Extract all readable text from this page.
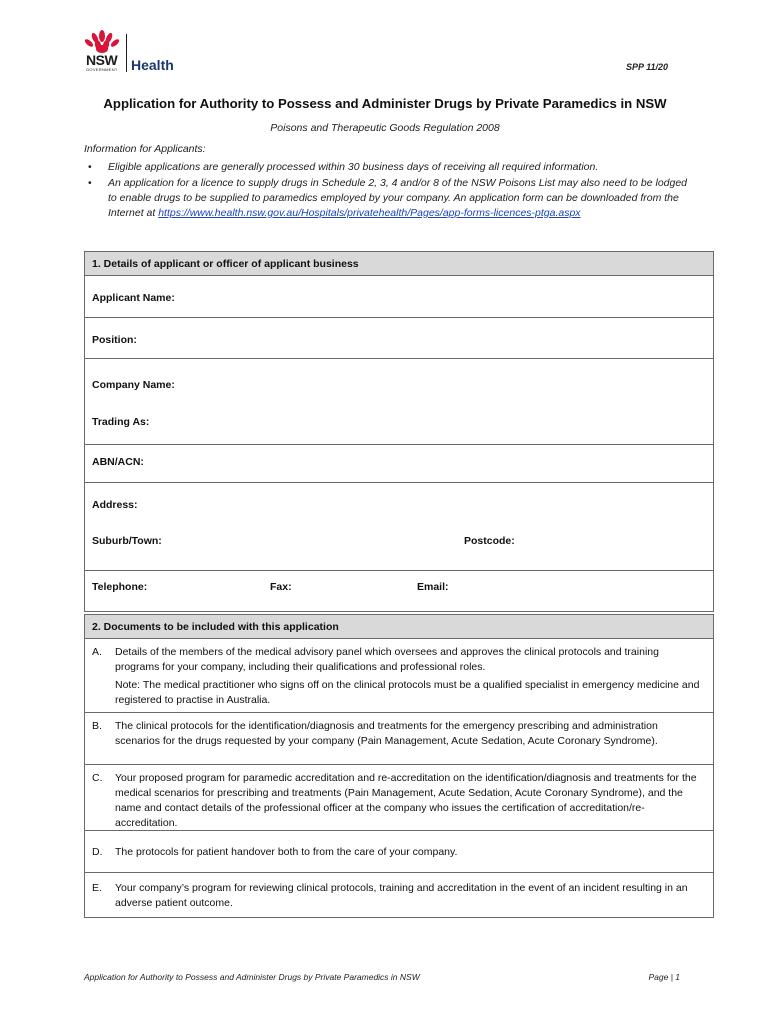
NSW
GOVERNMENT Health	SPP 11/20
Application for Authority to Possess and Administer Drugs by Private Paramedics in NSW
Poisons and Therapeutic Goods Regulation 2008
Information for Applicants:
• Eligible applications are generally processed within 30 business days of receiving all required information.
• An application for a licence to supply drugs in Schedule 2, 3, 4 and/or 8 of the NSW Poisons List may also need to be lodged to enable drugs to be supplied to paramedics employed by your company. An application form can be downloaded from the Internet at https://www.health.nsw.gov.au/Hospitals/privatehealth/Pages/app-forms-licences-ptga.aspx
1. Details of applicant or officer of applicant business
Applicant Name:
Position:
Company Name:
Trading As:
ABN/ACN:
Address:
Suburb/Town:	Postcode:
Telephone:	Fax:	Email:
2. Documents to be included with this application
A. Details of the members of the medical advisory panel which oversees and approves the clinical protocols and training programs for your company, including their qualifications and professional roles.

Note: The medical practitioner who signs off on the clinical protocols must be a qualified specialist in emergency medicine and registered to practise in Australia.

B. The clinical protocols for the identification/diagnosis and treatments for the emergency prescribing and administration scenarios for the drugs requested by your company (Pain Management, Acute Sedation, Acute Coronary Syndrome).

C. Your proposed program for paramedic accreditation and re-accreditation on the identification/diagnosis and treatments for the medical scenarios for prescribing and treatments (Pain Management, Acute Sedation, Acute Coronary Syndrome), and the name and contact details of the professional officer at the company who issues the certification of accreditation/re-accreditation.

D. The protocols for patient handover both to from the care of your company.

E. Your company’s program for reviewing clinical protocols, training and accreditation in the event of an incident resulting in an adverse patient outcome.

Application for Authority to Possess and Administer Drugs by Private Paramedics in NSW	Page | 1
